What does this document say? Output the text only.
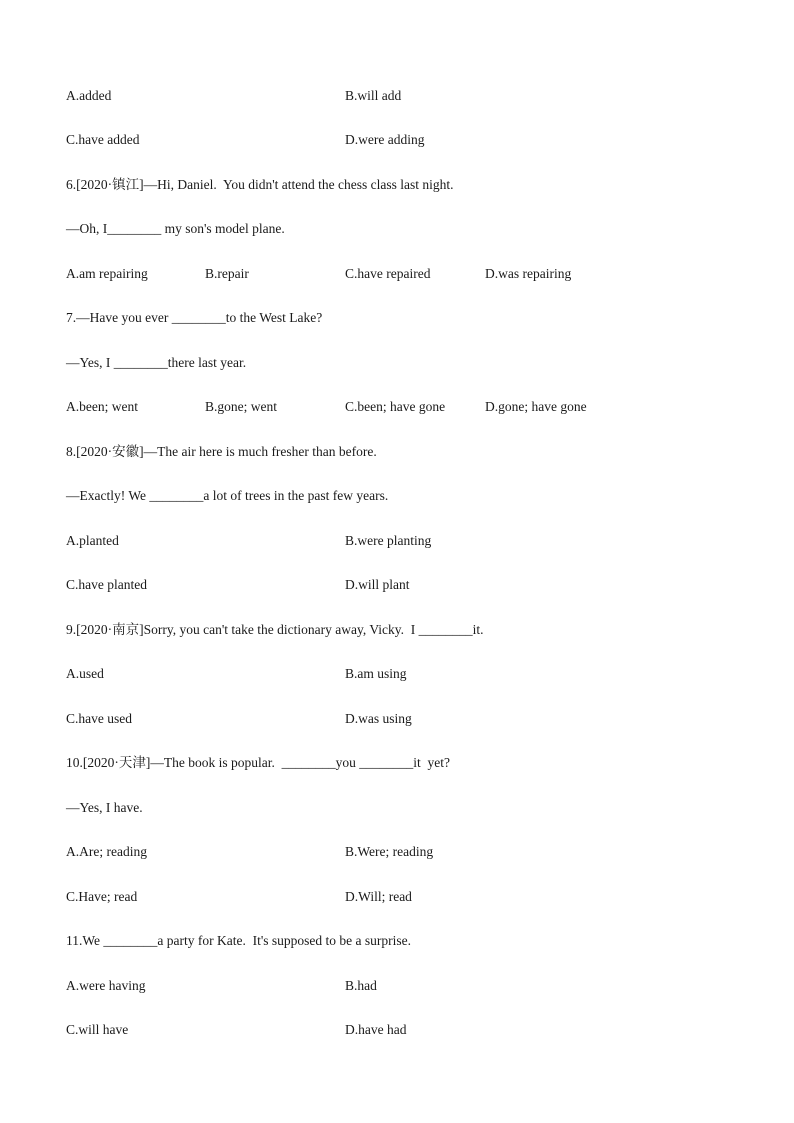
A.added	B.will add
C.have added	D.were adding
6.[2020·镇江]—Hi, Daniel.  You didn't attend the chess class last night.
—Oh, I________ my son's model plane.
A.am repairing	B.repair	C.have repaired	D.was repairing
7.—Have you ever ________to the West Lake?
—Yes, I ________there last year.
A.been; went	B.gone; went	C.been; have gone	D.gone; have gone
8.[2020·安徽]—The air here is much fresher than before.
—Exactly! We ________a lot of trees in the past few years.
A.planted	B.were planting
C.have planted	D.will plant
9.[2020·南京]Sorry, you can't take the dictionary away, Vicky.  I ________it.
A.used	B.am using
C.have used	D.was using
10.[2020·天津]—The book is popular.  ________you ________it  yet?
—Yes, I have.
A.Are; reading	B.Were; reading
C.Have; read	D.Will; read
11.We ________a party for Kate.  It's supposed to be a surprise.
A.were having	B.had
C.will have	D.have had
